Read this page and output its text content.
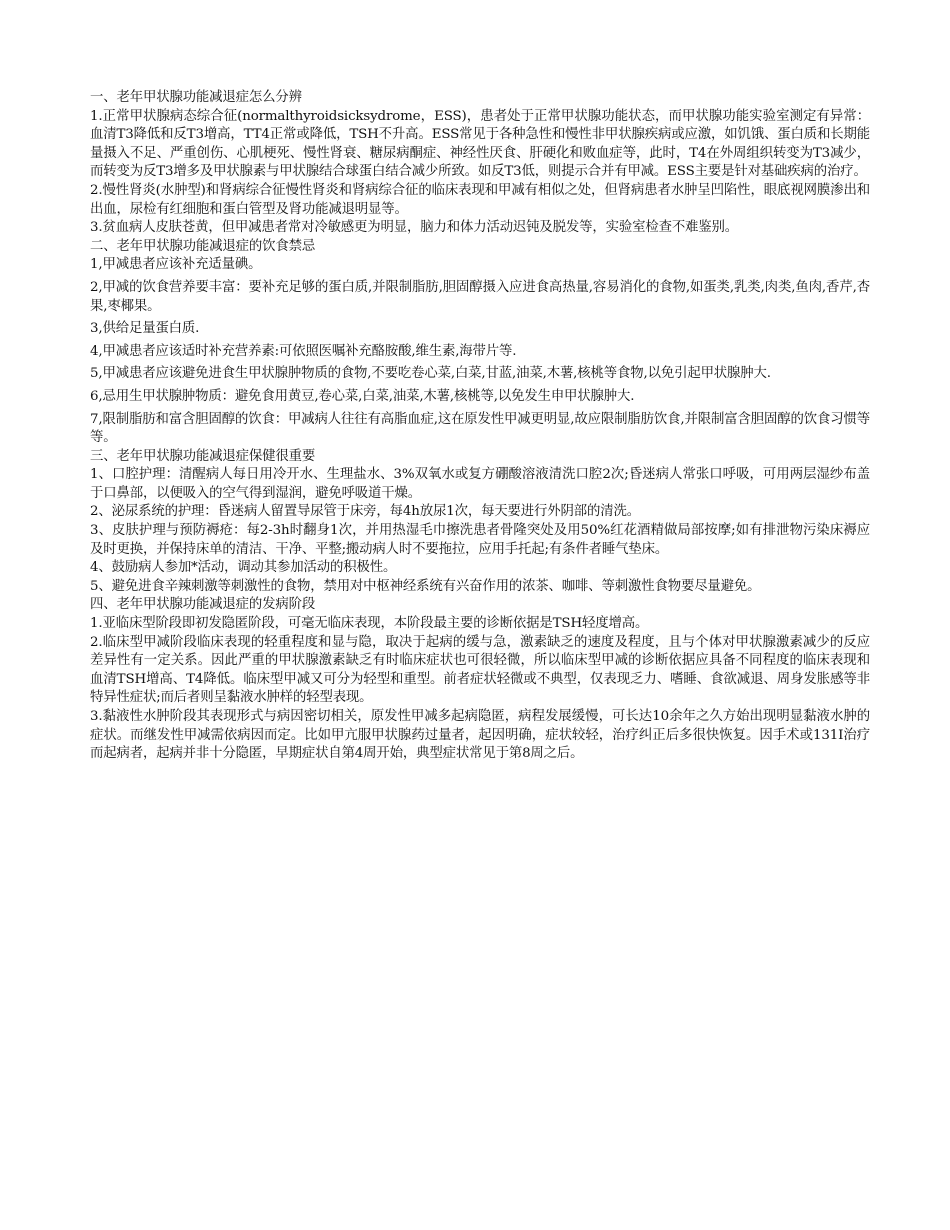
一、老年甲状腺功能减退症怎么分辨

1.正常甲状腺病态综合征(normalthyroidsicksydrome，ESS)，患者处于正常甲状腺功能状态，而甲状腺功能实验室测定有异常：血清T3降低和反T3增高，TT4正常或降低，TSH不升高。ESS常见于各种急性和慢性非甲状腺疾病或应激，如饥饿、蛋白质和长期能量摄入不足、严重创伤、心肌梗死、慢性肾衰、糖尿病酮症、神经性厌食、肝硬化和败血症等，此时，T4在外周组织转变为T3减少，而转变为反T3增多及甲状腺素与甲状腺结合球蛋白结合减少所致。如反T3低，则提示合并有甲减。ESS主要是针对基础疾病的治疗。

2.慢性肾炎(水肿型)和肾病综合征慢性肾炎和肾病综合征的临床表现和甲减有相似之处，但肾病患者水肿呈凹陷性，眼底视网膜渗出和出血，尿检有红细胞和蛋白管型及肾功能减退明显等。

3.贫血病人皮肤苍黄，但甲减患者常对冷敏感更为明显，脑力和体力活动迟钝及脱发等，实验室检查不难鉴别。

二、老年甲状腺功能减退症的饮食禁忌

1,甲减患者应该补充适量碘。

2,甲减的饮食营养要丰富：要补充足够的蛋白质,并限制脂肪,胆固醇摄入应进食高热量,容易消化的食物,如蛋类,乳类,肉类,鱼肉,香芹,杏果,枣椰果。

3,供给足量蛋白质.

4,甲减患者应该适时补充营养素:可依照医嘱补充酪胺酸,维生素,海带片等.

5,甲减患者应该避免进食生甲状腺肿物质的食物,不要吃卷心菜,白菜,甘蓝,油菜,木薯,核桃等食物,以免引起甲状腺肿大.

6,忌用生甲状腺肿物质：避免食用黄豆,卷心菜,白菜,油菜,木薯,核桃等,以免发生申甲状腺肿大.

7,限制脂肪和富含胆固醇的饮食：甲减病人往往有高脂血症,这在原发性甲减更明显,故应限制脂肪饮食,并限制富含胆固醇的饮食习惯等等。

三、老年甲状腺功能减退症保健很重要

1、口腔护理：清醒病人每日用冷开水、生理盐水、3%双氧水或复方硼酸溶液清洗口腔2次;昏迷病人常张口呼吸，可用两层湿纱布盖于口鼻部，以便吸入的空气得到湿润，避免呼吸道干燥。

2、泌尿系统的护理：昏迷病人留置导尿管于床旁，每4h放尿1次，每天要进行外阴部的清洗。

3、皮肤护理与预防褥疮：每2-3h时翻身1次，并用热湿毛巾擦洗患者骨隆突处及用50%红花酒精做局部按摩;如有排泄物污染床褥应及时更换，并保持床单的清洁、干净、平整;搬动病人时不要拖拉，应用手托起;有条件者睡气垫床。

4、鼓励病人参加*活动，调动其参加活动的积极性。

5、避免进食辛辣刺激等刺激性的食物，禁用对中枢神经系统有兴奋作用的浓茶、咖啡、等刺激性食物要尽量避免。

四、老年甲状腺功能减退症的发病阶段

1.亚临床型阶段即初发隐匿阶段，可毫无临床表现，本阶段最主要的诊断依据是TSH轻度增高。

2.临床型甲减阶段临床表现的轻重程度和显与隐，取决于起病的缓与急，激素缺乏的速度及程度，且与个体对甲状腺激素减少的反应差异性有一定关系。因此严重的甲状腺激素缺乏有时临床症状也可很轻微，所以临床型甲减的诊断依据应具备不同程度的临床表现和血清TSH增高、T4降低。临床型甲减又可分为轻型和重型。前者症状轻微或不典型，仅表现乏力、嗜睡、食欲减退、周身发胀感等非特异性症状;而后者则呈黏液水肿样的轻型表现。

3.黏液性水肿阶段其表现形式与病因密切相关，原发性甲减多起病隐匿，病程发展缓慢，可长达10余年之久方始出现明显黏液水肿的症状。而继发性甲减需依病因而定。比如甲亢服甲状腺药过量者，起因明确，症状较轻，治疗纠正后多很快恢复。因手术或131I治疗而起病者，起病并非十分隐匿，早期症状自第4周开始，典型症状常见于第8周之后。
